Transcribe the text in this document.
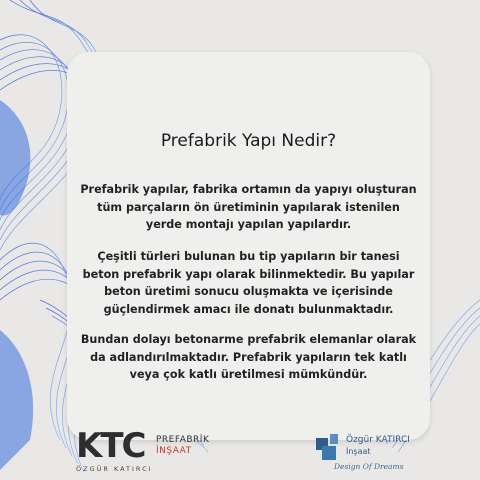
Prefabrik Yapı Nedir?
Prefabrik yapılar, fabrika ortamın da yapıyı oluşturan tüm parçaların ön üretiminin yapılarak istenilen yerde montajı yapılan yapılardır.
Çeşitli türleri bulunan bu tip yapıların bir tanesi beton prefabrik yapı olarak bilinmektedir. Bu yapılar beton üretimi sonucu oluşmakta ve içerisinde güçlendirmek amacı ile donatı bulunmaktadır.
Bundan dolayı betonarme prefabrik elemanlar olarak da adlandırılmaktadır. Prefabrik yapıların tek katlı veya çok katlı üretilmesi mümkündür.
KTC
ÖZGÜR KATIRCI
PREFABRİK
İNŞAAT
Özgür KATIRCI
İnşaat
Design Of Dreams
